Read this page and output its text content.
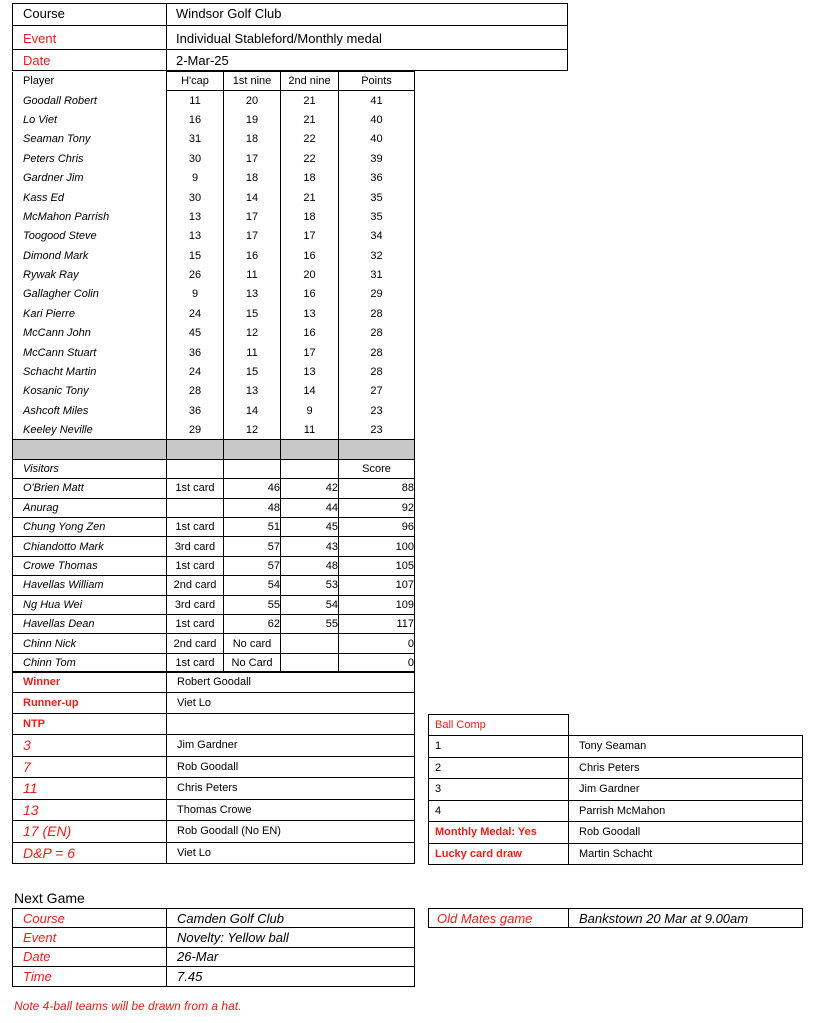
Course	Windsor Golf Club
Event	Individual Stableford/Monthly medal
Date	2-Mar-25
Player	H'cap	1st nine	2nd nine	Points
Goodall Robert	11	20	21	41
Lo Viet	16	19	21	40
Seaman Tony	31	18	22	40
Peters Chris	30	17	22	39
Gardner Jim	9	18	18	36
Kass Ed	30	14	21	35
McMahon Parrish	13	17	18	35
Toogood Steve	13	17	17	34
Dimond Mark	15	16	16	32
Rywak Ray	26	11	20	31
Gallagher Colin	9	13	16	29
Kari Pierre	24	15	13	28
McCann John	45	12	16	28
McCann Stuart	36	11	17	28
Schacht Martin	24	15	13	28
Kosanic Tony	28	13	14	27
Ashcoft Miles	36	14	9	23
Keeley Neville	29	12	11	23

Visitors				Score
O'Brien Matt	1st card	46	42	88
Anurag		48	44	92
Chung Yong Zen	1st card	51	45	96
Chiandotto Mark	3rd card	57	43	100
Crowe Thomas	1st card	57	48	105
Havellas William	2nd card	54	53	107
Ng Hua Wei	3rd card	55	54	109
Havellas Dean	1st card	62	55	117
Chinn Nick	2nd card	No card		0
Chinn Tom	1st card	No Card		0
Winner	Robert Goodall
Runner-up	Viet Lo
NTP	
3	Jim Gardner
7	Rob Goodall
11	Chris Peters
13	Thomas Crowe
17 (EN)	Rob Goodall (No EN)
D&P = 6	Viet Lo
Ball Comp	
1	Tony Seaman
2	Chris Peters
3	Jim Gardner
4	Parrish McMahon
Monthly Medal: Yes	Rob Goodall
Lucky card draw	Martin Schacht
Next Game
Course	Camden Golf Club
Event	Novelty: Yellow ball
Date	26-Mar
Time	7.45
Old Mates game	Bankstown 20 Mar at 9.00am
Note 4-ball teams will be drawn from a hat.
